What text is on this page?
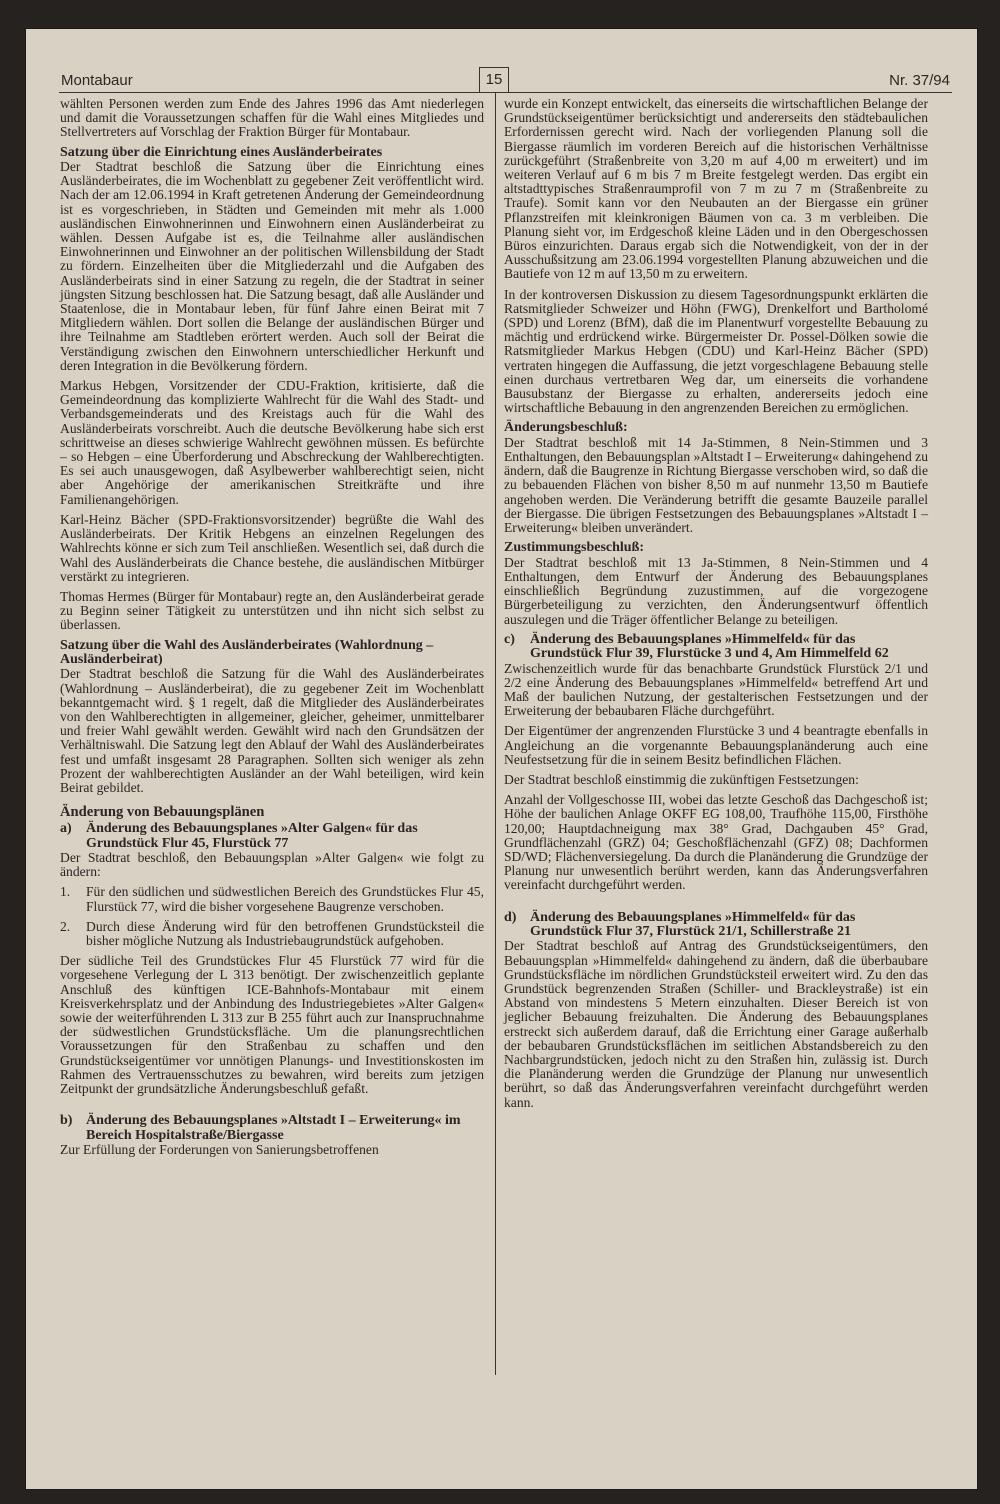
Montabaur	15	Nr. 37/94

wählten Personen werden zum Ende des Jahres 1996 das Amt niederlegen und damit die Voraussetzungen schaffen für die Wahl eines Mitgliedes und Stellvertreters auf Vorschlag der Fraktion Bürger für Montabaur.

Satzung über die Einrichtung eines Ausländerbeirates

Der Stadtrat beschloß die Satzung über die Einrichtung eines Ausländerbeirates, die im Wochenblatt zu gegebener Zeit veröffentlicht wird. Nach der am 12.06.1994 in Kraft getretenen Änderung der Gemeindeordnung ist es vorgeschrieben, in Städten und Gemeinden mit mehr als 1.000 ausländischen Einwohnerinnen und Einwohnern einen Ausländerbeirat zu wählen. Dessen Aufgabe ist es, die Teilnahme aller ausländischen Einwohnerinnen und Einwohner an der politischen Willensbildung der Stadt zu fördern. Einzelheiten über die Mitgliederzahl und die Aufgaben des Ausländerbeirats sind in einer Satzung zu regeln, die der Stadtrat in seiner jüngsten Sitzung beschlossen hat. Die Satzung besagt, daß alle Ausländer und Staatenlose, die in Montabaur leben, für fünf Jahre einen Beirat mit 7 Mitgliedern wählen. Dort sollen die Belange der ausländischen Bürger und ihre Teilnahme am Stadtleben erörtert werden. Auch soll der Beirat die Verständigung zwischen den Einwohnern unterschiedlicher Herkunft und deren Integration in die Bevölkerung fördern.

Markus Hebgen, Vorsitzender der CDU-Fraktion, kritisierte, daß die Gemeindeordnung das komplizierte Wahlrecht für die Wahl des Stadt- und Verbandsgemeinderats und des Kreistags auch für die Wahl des Ausländerbeirats vorschreibt. Auch die deutsche Bevölkerung habe sich erst schrittweise an dieses schwierige Wahlrecht gewöhnen müssen. Es befürchte – so Hebgen – eine Überforderung und Abschreckung der Wahlberechtigten. Es sei auch unausgewogen, daß Asylbewerber wahlberechtigt seien, nicht aber Angehörige der amerikanischen Streitkräfte und ihre Familienangehörigen.

Karl-Heinz Bächer (SPD-Fraktionsvorsitzender) begrüßte die Wahl des Ausländerbeirats. Der Kritik Hebgens an einzelnen Regelungen des Wahlrechts könne er sich zum Teil anschließen. Wesentlich sei, daß durch die Wahl des Ausländerbeirats die Chance bestehe, die ausländischen Mitbürger verstärkt zu integrieren.

Thomas Hermes (Bürger für Montabaur) regte an, den Ausländerbeirat gerade zu Beginn seiner Tätigkeit zu unterstützen und ihn nicht sich selbst zu überlassen.

Satzung über die Wahl des Ausländerbeirates (Wahlordnung – Ausländerbeirat)

Der Stadtrat beschloß die Satzung für die Wahl des Ausländerbeirates (Wahlordnung – Ausländerbeirat), die zu gegebener Zeit im Wochenblatt bekanntgemacht wird. § 1 regelt, daß die Mitglieder des Ausländerbeirates von den Wahlberechtigten in allgemeiner, gleicher, geheimer, unmittelbarer und freier Wahl gewählt werden. Gewählt wird nach den Grundsätzen der Verhältniswahl. Die Satzung legt den Ablauf der Wahl des Ausländerbeirates fest und umfaßt insgesamt 28 Paragraphen. Sollten sich weniger als zehn Prozent der wahlberechtigten Ausländer an der Wahl beteiligen, wird kein Beirat gebildet.

Änderung von Bebauungsplänen
a)	Änderung des Bebauungsplanes »Alter Galgen« für das Grundstück Flur 45, Flurstück 77

Der Stadtrat beschloß, den Bebauungsplan »Alter Galgen« wie folgt zu ändern:

1.	Für den südlichen und südwestlichen Bereich des Grundstückes Flur 45, Flurstück 77, wird die bisher vorgesehene Baugrenze verschoben.
2.	Durch diese Änderung wird für den betroffenen Grundstücksteil die bisher mögliche Nutzung als Industriebaugrundstück aufgehoben.

Der südliche Teil des Grundstückes Flur 45 Flurstück 77 wird für die vorgesehene Verlegung der L 313 benötigt. Der zwischenzeitlich geplante Anschluß des künftigen ICE-Bahnhofs-Montabaur mit einem Kreisverkehrsplatz und der Anbindung des Industriegebietes »Alter Galgen« sowie der weiterführenden L 313 zur B 255 führt auch zur Inanspruchnahme der südwestlichen Grundstücksfläche. Um die planungsrechtlichen Voraussetzungen für den Straßenbau zu schaffen und den Grundstückseigentümer vor unnötigen Planungs- und Investitionskosten im Rahmen des Vertrauensschutzes zu bewahren, wird bereits zum jetzigen Zeitpunkt der grundsätzliche Änderungsbeschluß gefaßt.

b) Änderung des Bebauungsplanes »Altstadt I – Erweiterung« im Bereich Hospitalstraße/Biergasse

Zur Erfüllung der Forderungen von Sanierungsbetroffenen

wurde ein Konzept entwickelt, das einerseits die wirtschaftlichen Belange der Grundstückseigentümer berücksichtigt und andererseits den städtebaulichen Erfordernissen gerecht wird. Nach der vorliegenden Planung soll die Biergasse räumlich im vorderen Bereich auf die historischen Verhältnisse zurückgeführt (Straßenbreite von 3,20 m auf 4,00 m erweitert) und im weiteren Verlauf auf 6 m bis 7 m Breite festgelegt werden. Das ergibt ein altstadttypisches Straßenraumprofil von 7 m zu 7 m (Straßenbreite zu Traufe). Somit kann vor den Neubauten an der Biergasse ein grüner Pflanzstreifen mit kleinkronigen Bäumen von ca. 3 m verbleiben. Die Planung sieht vor, im Erdgeschoß kleine Läden und in den Obergeschossen Büros einzurichten. Daraus ergab sich die Notwendigkeit, von der in der Ausschußsitzung am 23.06.1994 vorgestellten Planung abzuweichen und die Bautiefe von 12 m auf 13,50 m zu erweitern.

In der kontroversen Diskussion zu diesem Tagesordnungspunkt erklärten die Ratsmitglieder Schweizer und Höhn (FWG), Drenkelfort und Bartholomé (SPD) und Lorenz (BfM), daß die im Planentwurf vorgestellte Bebauung zu mächtig und erdrückend wirke. Bürgermeister Dr. Possel-Dölken sowie die Ratsmitglieder Markus Hebgen (CDU) und Karl-Heinz Bächer (SPD) vertraten hingegen die Auffassung, die jetzt vorgeschlagene Bebauung stelle einen durchaus vertretbaren Weg dar, um einerseits die vorhandene Bausubstanz der Biergasse zu erhalten, andererseits jedoch eine wirtschaftliche Bebauung in den angrenzenden Bereichen zu ermöglichen.

Änderungsbeschluß:

Der Stadtrat beschloß mit 14 Ja-Stimmen, 8 Nein-Stimmen und 3 Enthaltungen, den Bebauungsplan »Altstadt I – Erweiterung« dahingehend zu ändern, daß die Baugrenze in Richtung Biergasse verschoben wird, so daß die zu bebauenden Flächen von bisher 8,50 m auf nunmehr 13,50 m Bautiefe angehoben werden. Die Veränderung betrifft die gesamte Bauzeile parallel der Biergasse. Die übrigen Festsetzungen des Bebauungsplanes »Altstadt I – Erweiterung« bleiben unverändert.

Zustimmungsbeschluß:

Der Stadtrat beschloß mit 13 Ja-Stimmen, 8 Nein-Stimmen und 4 Enthaltungen, dem Entwurf der Änderung des Bebauungsplanes einschließlich Begründung zuzustimmen, auf die vorgezogene Bürgerbeteiligung zu verzichten, den Änderungsentwurf öffentlich auszulegen und die Träger öffentlicher Belange zu beteiligen.

c)	Änderung des Bebauungsplanes »Himmelfeld« für das Grundstück Flur 39, Flurstücke 3 und 4, Am Himmelfeld 62

Zwischenzeitlich wurde für das benachbarte Grundstück Flurstück 2/1 und 2/2 eine Änderung des Bebauungsplanes »Himmelfeld« betreffend Art und Maß der baulichen Nutzung, der gestalterischen Festsetzungen und der Erweiterung der bebaubaren Fläche durchgeführt.

Der Eigentümer der angrenzenden Flurstücke 3 und 4 beantragte ebenfalls in Angleichung an die vorgenannte Bebauungsplanänderung auch eine Neufestsetzung für die in seinem Besitz befindlichen Flächen.

Der Stadtrat beschloß einstimmig die zukünftigen Festsetzungen:

Anzahl der Vollgeschosse III, wobei das letzte Geschoß das Dachgeschoß ist; Höhe der baulichen Anlage OKFF EG 108,00, Traufhöhe 115,00, Firsthöhe 120,00; Hauptdachneigung max 38° Grad, Dachgauben 45° Grad, Grundflächenzahl (GRZ) 04; Geschoßflächenzahl (GFZ) 08; Dachformen SD/WD; Flächenversiegelung. Da durch die Planänderung die Grundzüge der Planung nur unwesentlich berührt werden, kann das Änderungsverfahren vereinfacht durchgeführt werden.

d) Änderung des Bebauungsplanes »Himmelfeld« für das Grundstück Flur 37, Flurstück 21/1, Schillerstraße 21

Der Stadtrat beschloß auf Antrag des Grundstückseigentümers, den Bebauungsplan »Himmelfeld« dahingehend zu ändern, daß die überbaubare Grundstücksfläche im nördlichen Grundstücksteil erweitert wird. Zu den das Grundstück begrenzenden Straßen (Schiller- und Brackleystraße) ist ein Abstand von mindestens 5 Metern einzuhalten. Dieser Bereich ist von jeglicher Bebauung freizuhalten. Die Änderung des Bebauungsplanes erstreckt sich außerdem darauf, daß die Errichtung einer Garage außerhalb der bebaubaren Grundstücksflächen im seitlichen Abstandsbereich zu den Nachbargrundstücken, jedoch nicht zu den Straßen hin, zulässig ist. Durch die Planänderung werden die Grundzüge der Planung nur unwesentlich berührt, so daß das Änderungsverfahren vereinfacht durchgeführt werden kann.
